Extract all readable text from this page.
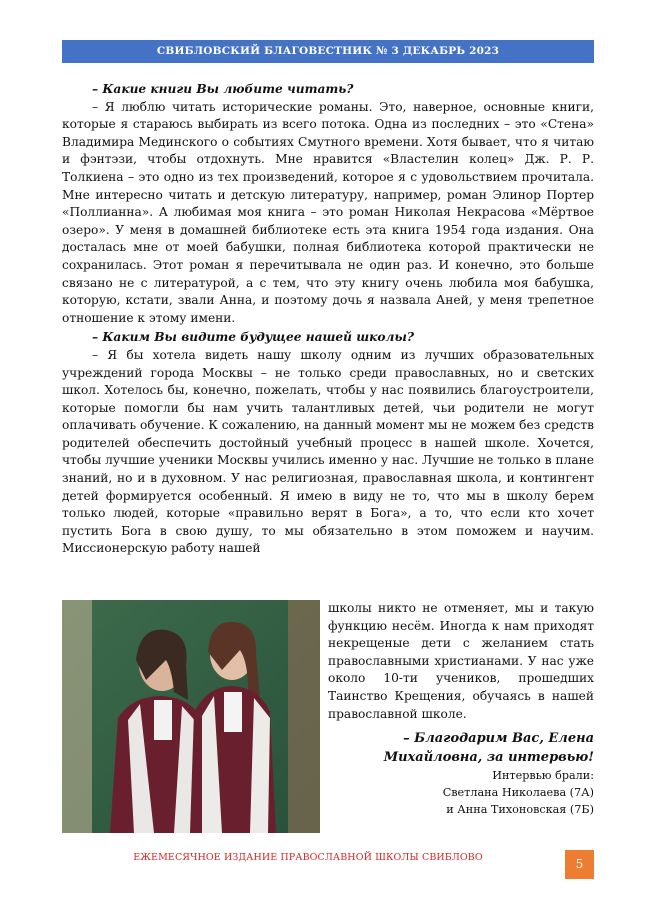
СВИБЛОВСКИЙ БЛАГОВЕСТНИК № 3 ДЕКАБРЬ 2023

– Какие книги Вы любите читать?

– Я люблю читать исторические романы. Это, наверное, основные книги, которые я стараюсь выбирать из всего потока. Одна из последних – это «Стена» Владимира Мединского о событиях Смутного времени. Хотя бывает, что я читаю и фэнтэзи, чтобы отдохнуть. Мне нравится «Властелин колец» Дж. Р. Р. Толкиена – это одно из тех произведений, которое я с удовольствием прочитала. Мне интересно читать и детскую литературу, например, роман Элинор Портер «Поллианна». А любимая моя книга – это роман Николая Некрасова «Мёртвое озеро». У меня в домашней библиотеке есть эта книга 1954 года издания. Она досталась мне от моей бабушки, полная библиотека которой практически не сохранилась. Этот роман я перечитывала не один раз. И конечно, это больше связано не с литературой, а с тем, что эту книгу очень любила моя бабушка, которую, кстати, звали Анна, и поэтому дочь я назвала Аней, у меня трепетное отношение к этому имени.

– Каким Вы видите будущее нашей школы?

– Я бы хотела видеть нашу школу одним из лучших образовательных учреждений города Москвы – не только среди православных, но и светских школ. Хотелось бы, конечно, пожелать, чтобы у нас появились благоустроители, которые помогли бы нам учить талантливых детей, чьи родители не могут оплачивать обучение. К сожалению, на данный момент мы не можем без средств родителей обеспечить достойный учебный процесс в нашей школе. Хочется, чтобы лучшие ученики Москвы учились именно у нас. Лучшие не только в плане знаний, но и в духовном. У нас религиозная, православная школа, и контингент детей формируется особенный. Я имею в виду не то, что мы в школу берем только людей, которые «правильно верят в Бога», а то, что если кто хочет пустить Бога в свою душу, то мы обязательно в этом поможем и научим. Миссионерскую работу нашей

школы никто не отменяет, мы и такую функцию несём. Иногда к нам приходят некрещеные дети с желанием стать православными христианами. У нас уже около 10-ти учеников, прошедших Таинство Крещения, обучаясь в нашей православной школе.

– Благодарим Вас, Елена Михайловна, за интервью!

Интервью брали:

Светлана Николаева (7А)

и Анна Тихоновская (7Б)

ЕЖЕМЕСЯЧНОЕ ИЗДАНИЕ ПРАВОСЛАВНОЙ ШКОЛЫ СВИБЛОВО	5
